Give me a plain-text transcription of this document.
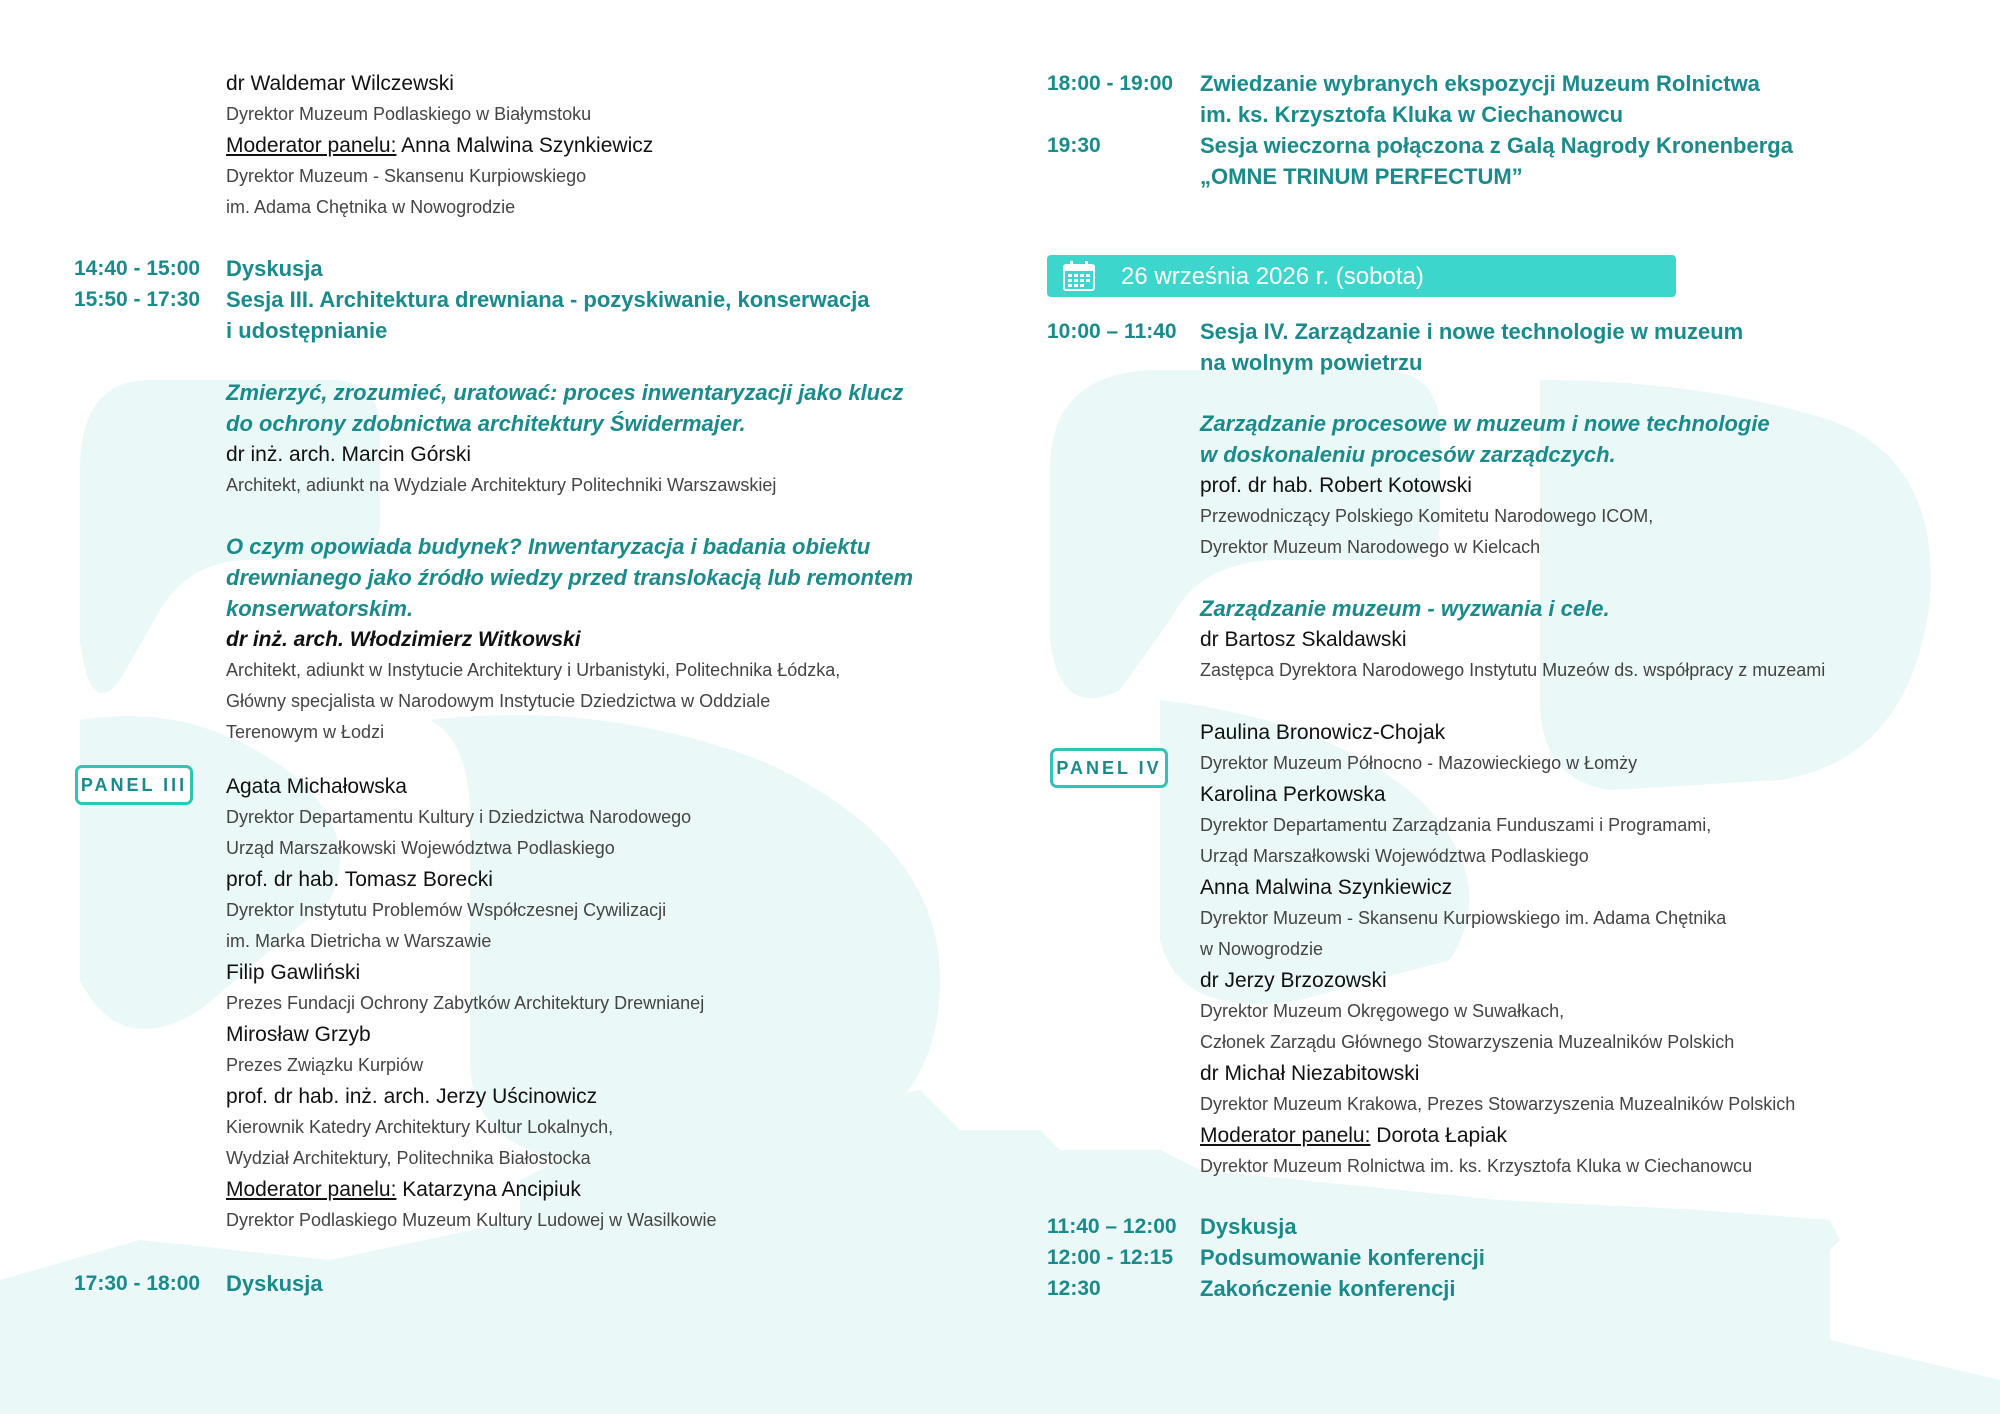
dr Waldemar Wilczewski
Dyrektor Muzeum Podlaskiego w Białymstoku
Moderator panelu: Anna Malwina Szynkiewicz
Dyrektor Muzeum - Skansenu Kurpiowskiego
im. Adama Chętnika w Nowogrodzie
14:40 - 15:00 Dyskusja
15:50 - 17:30 Sesja III. Architektura drewniana - pozyskiwanie, konserwacja
i udostępnianie
Zmierzyć, zrozumieć, uratować: proces inwentaryzacji jako klucz
do ochrony zdobnictwa architektury Świdermajer.
dr inż. arch. Marcin Górski
Architekt, adiunkt na Wydziale Architektury Politechniki Warszawskiej
O czym opowiada budynek? Inwentaryzacja i badania obiektu
drewnianego jako źródło wiedzy przed translokacją lub remontem
konserwatorskim.
dr inż. arch. Włodzimierz Witkowski
Architekt, adiunkt w Instytucie Architektury i Urbanistyki, Politechnika Łódzka,
Główny specjalista w Narodowym Instytucie Dziedzictwa w Oddziale
Terenowym w Łodzi
PANEL III Agata Michałowska
Dyrektor Departamentu Kultury i Dziedzictwa Narodowego
Urząd Marszałkowski Województwa Podlaskiego
prof. dr hab. Tomasz Borecki
Dyrektor Instytutu Problemów Współczesnej Cywilizacji
im. Marka Dietricha w Warszawie
Filip Gawliński
Prezes Fundacji Ochrony Zabytków Architektury Drewnianej
Mirosław Grzyb
Prezes Związku Kurpiów
prof. dr hab. inż. arch. Jerzy Uścinowicz
Kierownik Katedry Architektury Kultur Lokalnych,
Wydział Architektury, Politechnika Białostocka
Moderator panelu: Katarzyna Ancipiuk
Dyrektor Podlaskiego Muzeum Kultury Ludowej w Wasilkowie
17:30 - 18:00 Dyskusja
18:00 - 19:00 Zwiedzanie wybranych ekspozycji Muzeum Rolnictwa
im. ks. Krzysztofa Kluka w Ciechanowcu
19:30	Sesja wieczorna połączona z Galą Nagrody Kronenberga
„OMNE TRINUM PERFECTUM”
26 września 2026 r. (sobota)
10:00 – 11:40 Sesja IV. Zarządzanie i nowe technologie w muzeum
na wolnym powietrzu
Zarządzanie procesowe w muzeum i nowe technologie
w doskonaleniu procesów zarządczych.
prof. dr hab. Robert Kotowski
Przewodniczący Polskiego Komitetu Narodowego ICOM,
Dyrektor Muzeum Narodowego w Kielcach
Zarządzanie muzeum - wyzwania i cele.
dr Bartosz Skaldawski
Zastępca Dyrektora Narodowego Instytutu Muzeów ds. współpracy z muzeami
PANEL IV
Paulina Bronowicz-Chojak
Dyrektor Muzeum Północno - Mazowieckiego w Łomży
Karolina Perkowska
Dyrektor Departamentu Zarządzania Funduszami i Programami,
Urząd Marszałkowski Województwa Podlaskiego
Anna Malwina Szynkiewicz
Dyrektor Muzeum - Skansenu Kurpiowskiego im. Adama Chętnika
w Nowogrodzie
dr Jerzy Brzozowski
Dyrektor Muzeum Okręgowego w Suwałkach,
Członek Zarządu Głównego Stowarzyszenia Muzealników Polskich
dr Michał Niezabitowski
Dyrektor Muzeum Krakowa, Prezes Stowarzyszenia Muzealników Polskich
Moderator panelu: Dorota Łapiak
Dyrektor Muzeum Rolnictwa im. ks. Krzysztofa Kluka w Ciechanowcu
11:40 – 12:00 Dyskusja
12:00 - 12:15 Podsumowanie konferencji
12:30	Zakończenie konferencji
